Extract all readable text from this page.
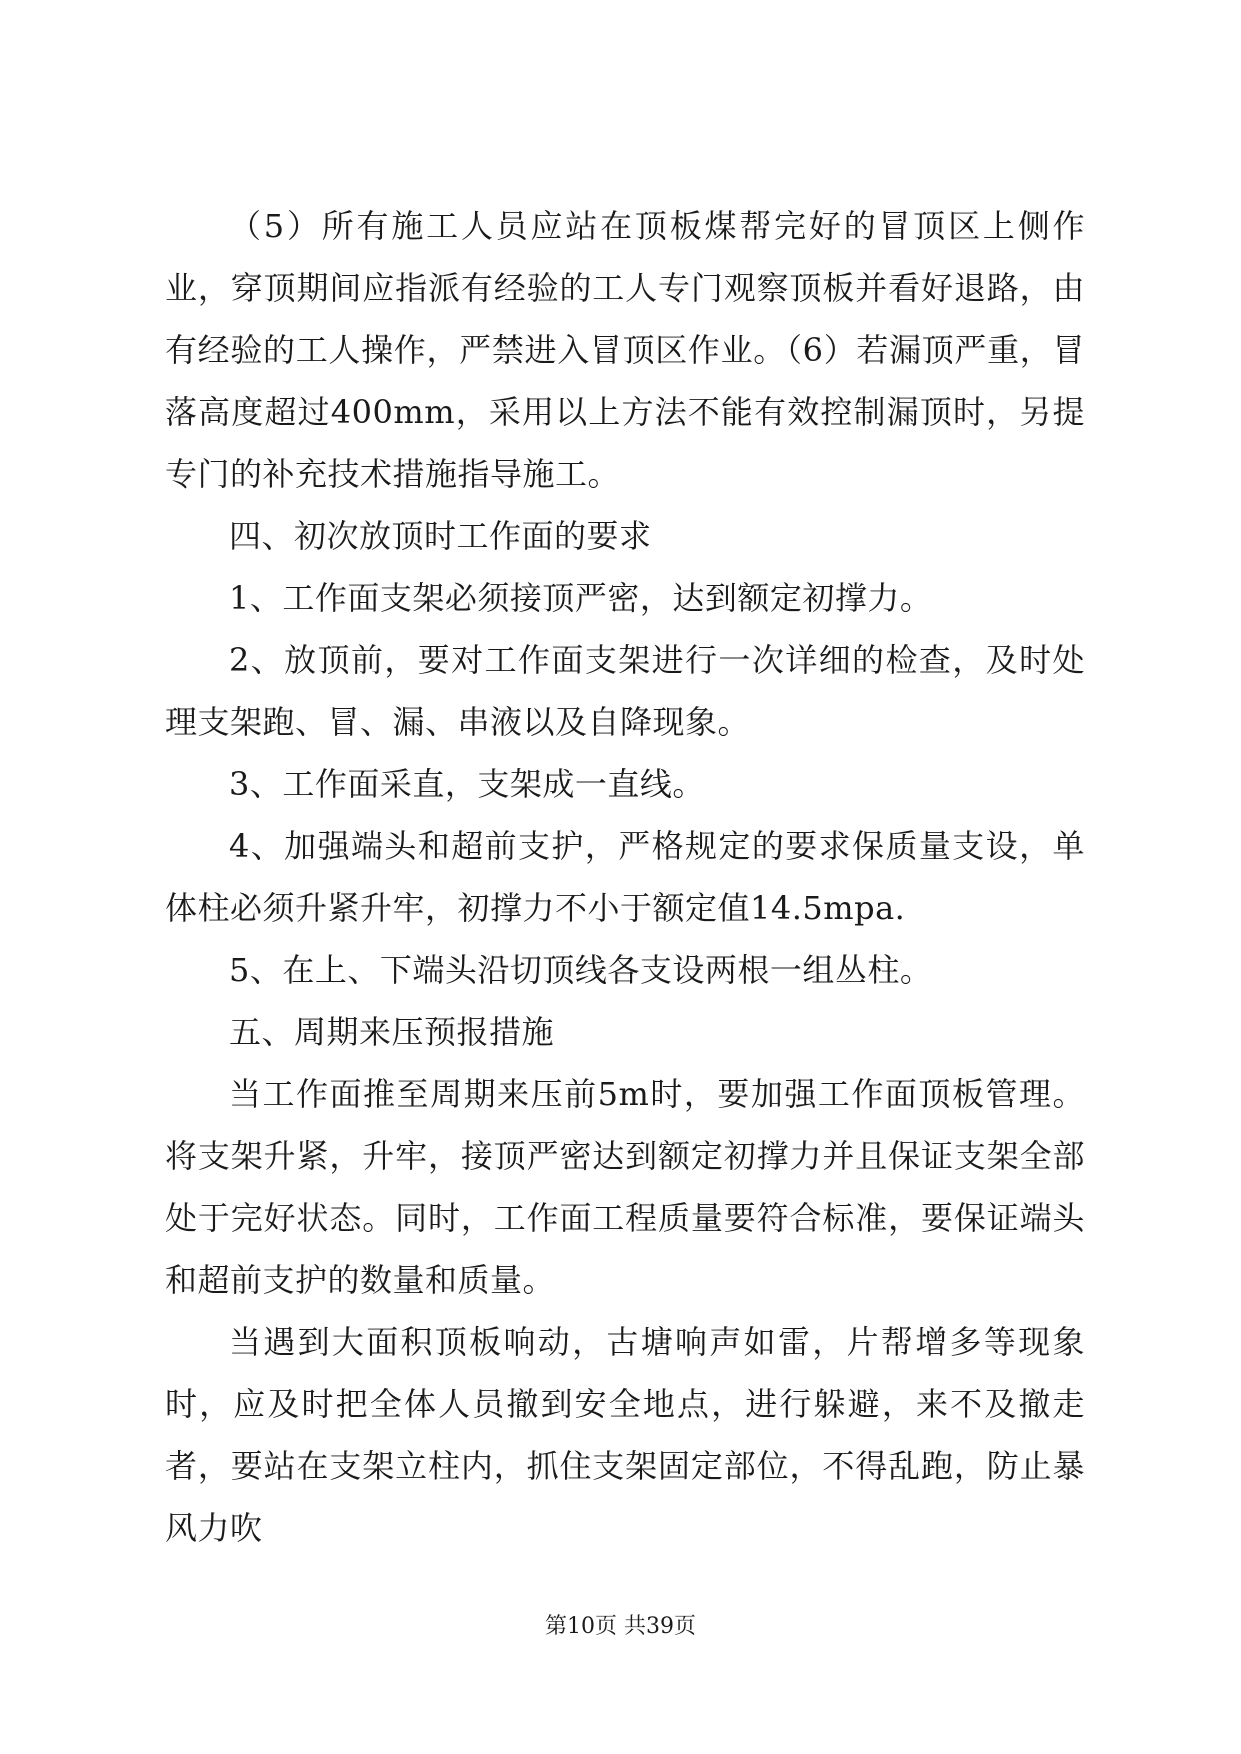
（5）所有施工人员应站在顶板煤帮完好的冒顶区上侧作业，穿顶期间应指派有经验的工人专门观察顶板并看好退路，由有经验的工人操作，严禁进入冒顶区作业。（6）若漏顶严重，冒落高度超过400mm，采用以上方法不能有效控制漏顶时，另提专门的补充技术措施指导施工。

四、初次放顶时工作面的要求

1、工作面支架必须接顶严密，达到额定初撑力。

2、放顶前，要对工作面支架进行一次详细的检查，及时处理支架跑、冒、漏、串液以及自降现象。

3、工作面采直，支架成一直线。

4、加强端头和超前支护，严格规定的要求保质量支设，单体柱必须升紧升牢，初撑力不小于额定值14.5mpa.

5、在上、下端头沿切顶线各支设两根一组丛柱。

五、周期来压预报措施

当工作面推至周期来压前5m时，要加强工作面顶板管理。将支架升紧，升牢，接顶严密达到额定初撑力并且保证支架全部处于完好状态。同时，工作面工程质量要符合标准，要保证端头和超前支护的数量和质量。

当遇到大面积顶板响动，古塘响声如雷，片帮增多等现象时，应及时把全体人员撤到安全地点，进行躲避，来不及撤走者，要站在支架立柱内，抓住支架固定部位，不得乱跑，防止暴风力吹

第10页 共39页
